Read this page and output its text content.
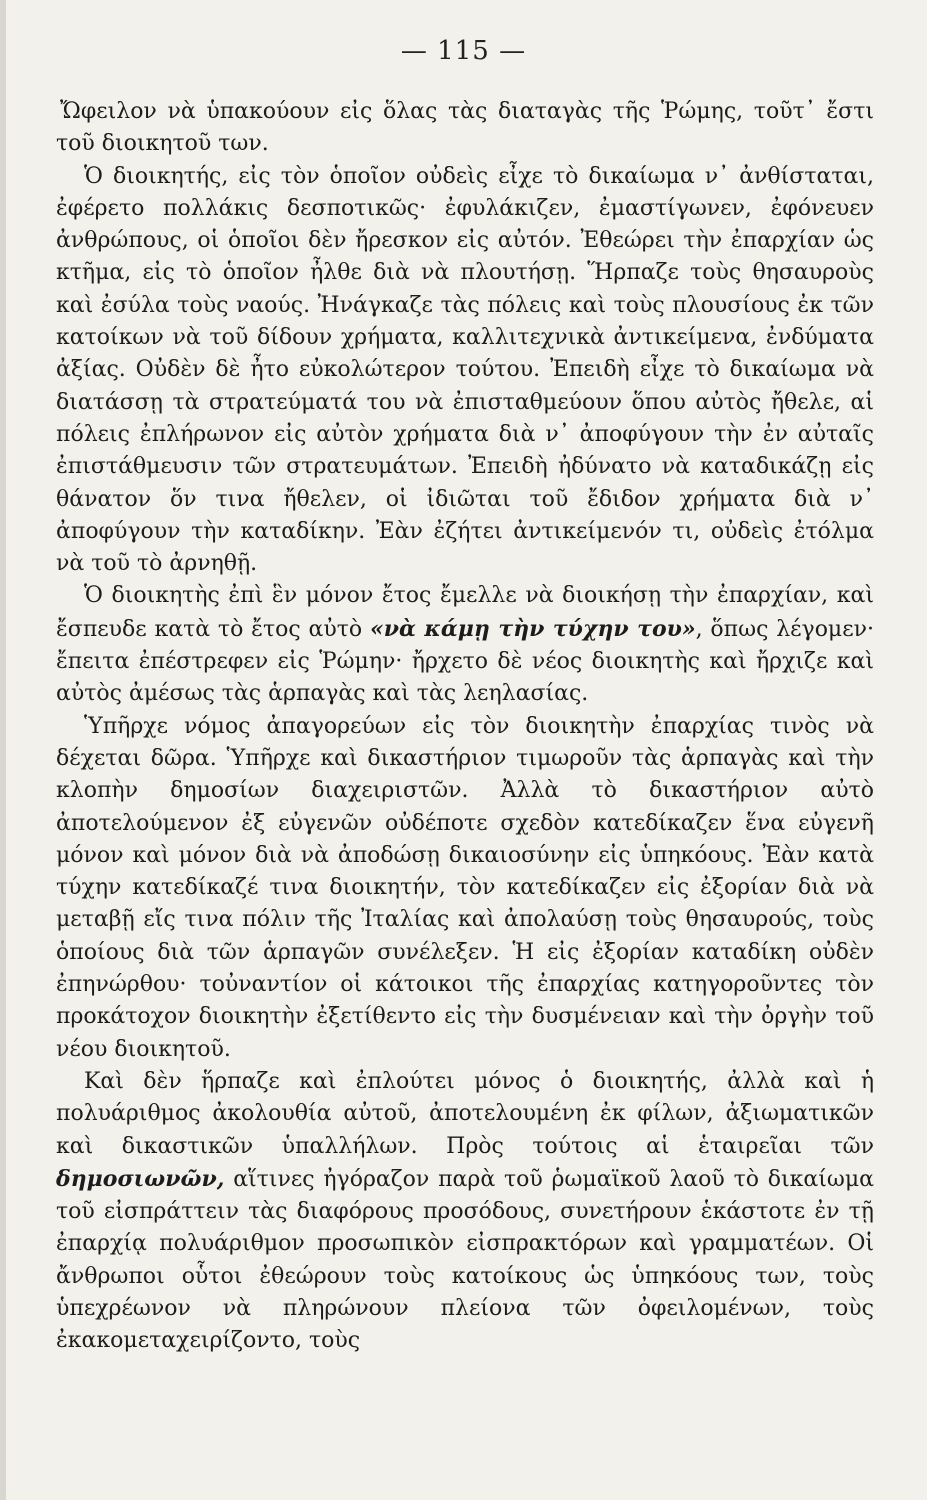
— 115 —

Ὤφειλον νὰ ὑπακούουν εἰς ὅλας τὰς διαταγὰς τῆς Ῥώμης, τοῦτ᾽ ἔστι τοῦ διοικητοῦ των.

Ὁ διοικητής, εἰς τὸν ὁποῖον οὐδεὶς εἶχε τὸ δικαίωμα ν᾽ ἀνθίσταται, ἐφέρετο πολλάκις δεσποτικῶς· ἐφυλάκιζεν, ἐμαστίγωνεν, ἐφόνευεν ἀνθρώπους, οἱ ὁποῖοι δὲν ἤρεσκον εἰς αὐτόν. Ἐθεώρει τὴν ἐπαρχίαν ὡς κτῆμα, εἰς τὸ ὁποῖον ἦλθε διὰ νὰ πλουτήσῃ. Ἥρπαζε τοὺς θησαυροὺς καὶ ἐσύλα τοὺς ναούς. Ἠνάγκαζε τὰς πόλεις καὶ τοὺς πλουσίους ἐκ τῶν κατοίκων νὰ τοῦ δίδουν χρήματα, καλλιτεχνικὰ ἀντικείμενα, ἐνδύματα ἀξίας. Οὐδὲν δὲ ἦτο εὐκολώτερον τούτου. Ἐπειδὴ εἶχε τὸ δικαίωμα νὰ διατάσσῃ τὰ στρατεύματά του νὰ ἐπισταθμεύουν ὅπου αὐτὸς ἤθελε, αἱ πόλεις ἐπλήρωνον εἰς αὐτὸν χρήματα διὰ ν᾽ ἀποφύγουν τὴν ἐν αὐταῖς ἐπιστάθμευσιν τῶν στρατευμάτων. Ἐπειδὴ ἠδύνατο νὰ καταδικάζῃ εἰς θάνατον ὅν τινα ἤθελεν, οἱ ἰδιῶται τοῦ ἔδιδον χρήματα διὰ ν᾽ ἀποφύγουν τὴν καταδίκην. Ἐὰν ἐζήτει ἀντικείμενόν τι, οὐδεὶς ἐτόλμα νὰ τοῦ τὸ ἀρνηθῇ.

Ὁ διοικητὴς ἐπὶ ἓν μόνον ἔτος ἔμελλε νὰ διοικήσῃ τὴν ἐπαρχίαν, καὶ ἔσπευδε κατὰ τὸ ἔτος αὐτὸ «νὰ κάμῃ τὴν τύχην του», ὅπως λέγομεν· ἔπειτα ἐπέστρεφεν εἰς Ῥώμην· ἤρχετο δὲ νέος διοικητὴς καὶ ἤρχιζε καὶ αὐτὸς ἀμέσως τὰς ἁρπαγὰς καὶ τὰς λεηλασίας.

Ὑπῆρχε νόμος ἀπαγορεύων εἰς τὸν διοικητὴν ἐπαρχίας τινὸς νὰ δέχεται δῶρα. Ὑπῆρχε καὶ δικαστήριον τιμωροῦν τὰς ἁρπαγὰς καὶ τὴν κλοπὴν δημοσίων διαχειριστῶν. Ἀλλὰ τὸ δικαστήριον αὐτὸ ἀποτελούμενον ἐξ εὐγενῶν οὐδέποτε σχεδὸν κατεδίκαζεν ἕνα εὐγενῆ μόνον καὶ μόνον διὰ νὰ ἀποδώσῃ δικαιοσύνην εἰς ὑπηκόους. Ἐὰν κατὰ τύχην κατεδίκαζέ τινα διοικητήν, τὸν κατεδίκαζεν εἰς ἐξορίαν διὰ νὰ μεταβῇ εἴς τινα πόλιν τῆς Ἰταλίας καὶ ἀπολαύσῃ τοὺς θησαυρούς, τοὺς ὁποίους διὰ τῶν ἁρπαγῶν συνέλεξεν. Ἡ εἰς ἐξορίαν καταδίκη οὐδὲν ἐπηνώρθου· τοὐναντίον οἱ κάτοικοι τῆς ἐπαρχίας κατηγοροῦντες τὸν προκάτοχον διοικητὴν ἐξετίθεντο εἰς τὴν δυσμένειαν καὶ τὴν ὀργὴν τοῦ νέου διοικητοῦ.

Καὶ δὲν ἥρπαζε καὶ ἐπλούτει μόνος ὁ διοικητής, ἀλλὰ καὶ ἡ πολυάριθμος ἀκολουθία αὐτοῦ, ἀποτελουμένη ἐκ φίλων, ἀξιωματικῶν καὶ δικαστικῶν ὑπαλλήλων. Πρὸς τούτοις αἱ ἑταιρεῖαι τῶν δημοσιωνῶν, αἵτινες ἠγόραζον παρὰ τοῦ ῥωμαϊκοῦ λαοῦ τὸ δικαίωμα τοῦ εἰσπράττειν τὰς διαφόρους προσόδους, συνετήρουν ἑκάστοτε ἐν τῇ ἐπαρχίᾳ πολυάριθμον προσωπικὸν εἰσπρακτόρων καὶ γραμματέων. Οἱ ἄνθρωποι οὗτοι ἐθεώρουν τοὺς κατοίκους ὡς ὑπηκόους των, τοὺς ὑπεχρέωνον νὰ πληρώνουν πλείονα τῶν ὀφειλομένων, τοὺς ἐκακομεταχειρίζοντο, τοὺς
